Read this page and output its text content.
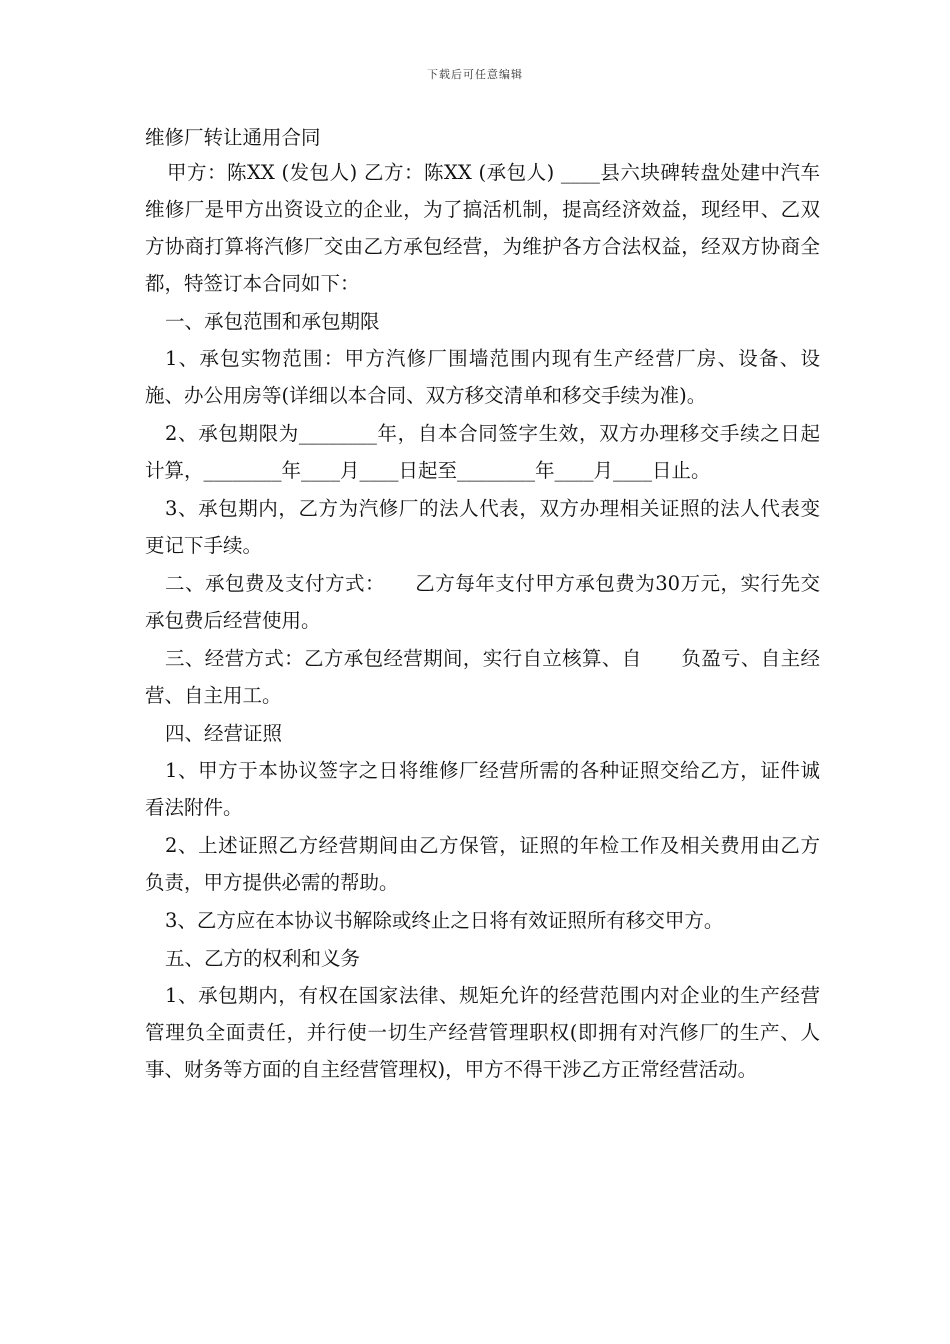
下载后可任意编辑
维修厂转让通用合同

甲方：陈XX (发包人) 乙方：陈XX (承包人) ____县六块碑转盘处建中汽车维修厂是甲方出资设立的企业，为了搞活机制，提高经济效益，现经甲、乙双方协商打算将汽修厂交由乙方承包经营，为维护各方合法权益，经双方协商全都，特签订本合同如下：

一、承包范围和承包期限

1、承包实物范围：甲方汽修厂围墙范围内现有生产经营厂房、设备、设施、办公用房等(详细以本合同、双方移交清单和移交手续为准)。

2、承包期限为________年，自本合同签字生效，双方办理移交手续之日起计算，________年____月____日起至________年____月____日止。

3、承包期内，乙方为汽修厂的法人代表，双方办理相关证照的法人代表变更记下手续。

二、承包费及支付方式：　　乙方每年支付甲方承包费为30万元，实行先交承包费后经营使用。

三、经营方式：乙方承包经营期间，实行自立核算、自　　负盈亏、自主经营、自主用工。

四、经营证照

1、甲方于本协议签字之日将维修厂经营所需的各种证照交给乙方，证件诚看法附件。

2、上述证照乙方经营期间由乙方保管，证照的年检工作及相关费用由乙方负责，甲方提供必需的帮助。

3、乙方应在本协议书解除或终止之日将有效证照所有移交甲方。

五、乙方的权利和义务

1、承包期内，有权在国家法律、规矩允许的经营范围内对企业的生产经营管理负全面责任，并行使一切生产经营管理职权(即拥有对汽修厂的生产、人事、财务等方面的自主经营管理权)，甲方不得干涉乙方正常经营活动。
